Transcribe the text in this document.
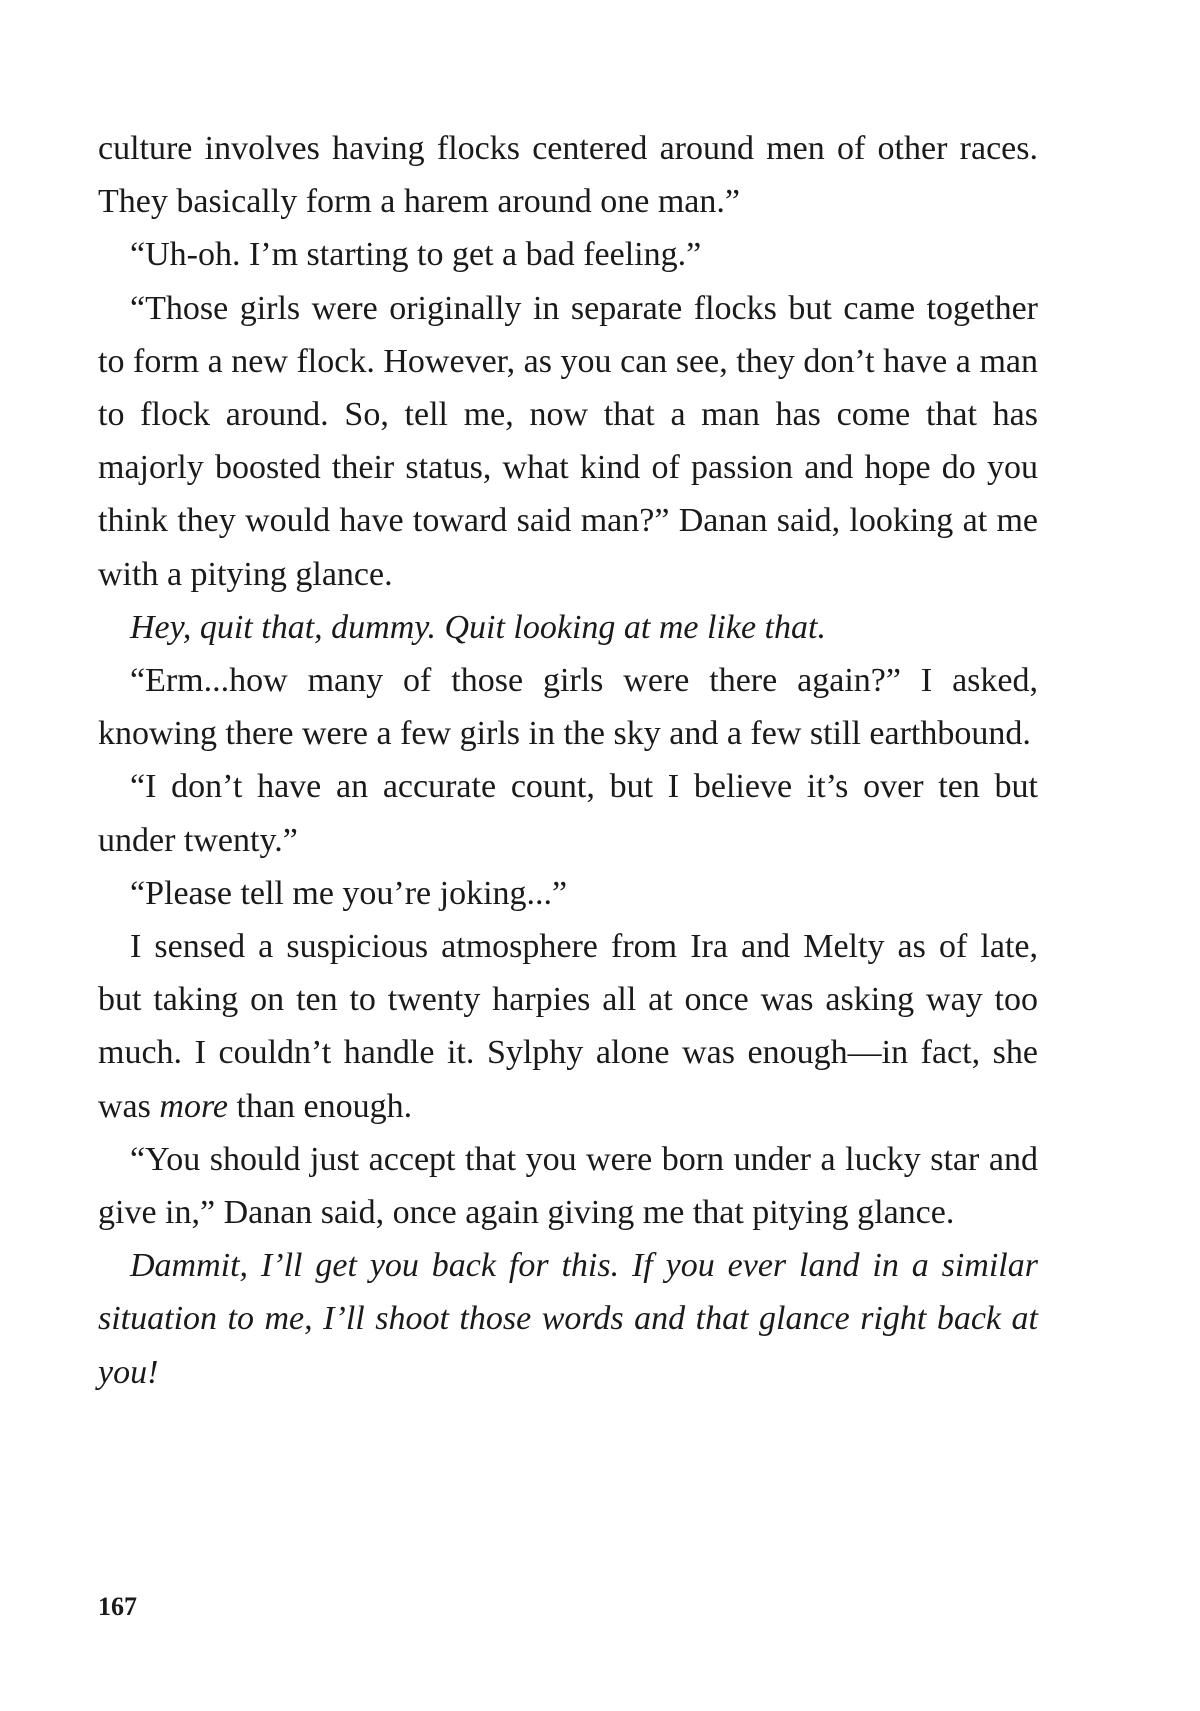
culture involves having flocks centered around men of other races. They basically form a harem around one man.”

“Uh-oh. I’m starting to get a bad feeling.”

“Those girls were originally in separate flocks but came together to form a new flock. However, as you can see, they don’t have a man to flock around. So, tell me, now that a man has come that has majorly boosted their status, what kind of passion and hope do you think they would have toward said man?” Danan said, looking at me with a pitying glance.

Hey, quit that, dummy. Quit looking at me like that.

“Erm...how many of those girls were there again?” I asked, knowing there were a few girls in the sky and a few still earthbound.

“I don’t have an accurate count, but I believe it’s over ten but under twenty.”

“Please tell me you’re joking...”

I sensed a suspicious atmosphere from Ira and Melty as of late, but taking on ten to twenty harpies all at once was asking way too much. I couldn’t handle it. Sylphy alone was enough—in fact, she was more than enough.

“You should just accept that you were born under a lucky star and give in,” Danan said, once again giving me that pitying glance.

Dammit, I’ll get you back for this. If you ever land in a similar situation to me, I’ll shoot those words and that glance right back at you!

167
